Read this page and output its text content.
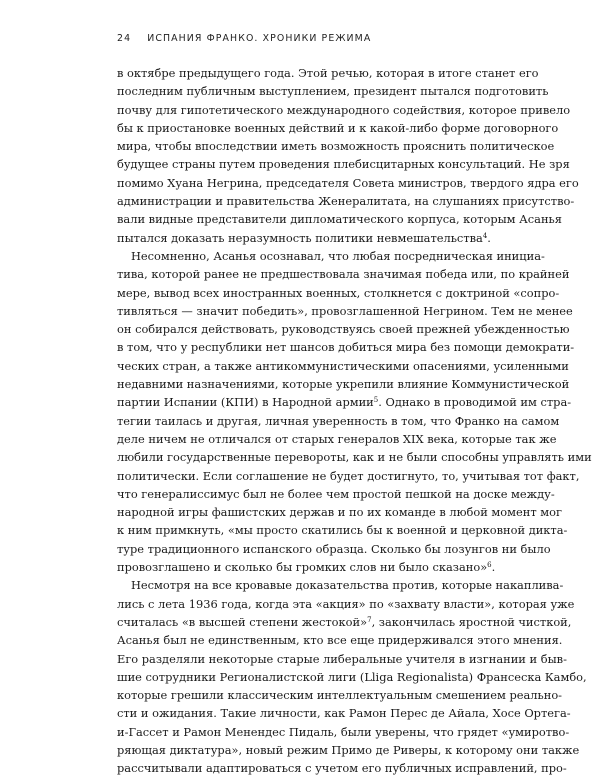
24 ИСПАНИЯ ФРАНКО. ХРОНИКИ РЕЖИМА
в октябре предыдущего года. Этой речью, которая в итоге станет его
последним публичным выступлением, президент пытался подготовить
почву для гипотетического международного содействия, которое привело
бы к приостановке военных действий и к какой-либо форме договорного
мира, чтобы впоследствии иметь возможность прояснить политическое
будущее страны путем проведения плебисцитарных консультаций. Не зря
помимо Хуана Негрина, председателя Совета министров, твердого ядра его
администрации и правительства Женералитата, на слушаниях присутство-
вали видные представители дипломатического корпуса, которым Асанья
пытался доказать неразумность политики невмешательства$^4$.
Несомненно, Асанья осознавал, что любая посредническая инициа-
тива, которой ранее не предшествовала значимая победа или, по крайней
мере, вывод всех иностранных военных, столкнется с доктриной «сопро-
тивляться — значит победить», провозглашенной Негрином. Тем не менее
он собирался действовать, руководствуясь своей прежней убежденностью
в том, что у республики нет шансов добиться мира без помощи демократи-
ческих стран, а также антикоммунистическими опасениями, усиленными
недавними назначениями, которые укрепили влияние Коммунистической
партии Испании (КПИ) в Народной армии$^5$. Однако в проводимой им стра-
тегии таилась и другая, личная уверенность в том, что Франко на самом
деле ничем не отличался от старых генералов XIX века, которые так же
любили государственные перевороты, как и не были способны управлять ими
политически. Если соглашение не будет достигнуто, то, учитывая тот факт,
что генералиссимус был не более чем простой пешкой на доске между-
народной игры фашистских держав и по их команде в любой момент мог
к ним примкнуть, «мы просто скатились бы к военной и церковной дикта-
туре традиционного испанского образца. Сколько бы лозунгов ни было
провозглашено и сколько бы громких слов ни было сказано»$^6$.
Несмотря на все кровавые доказательства против, которые накаплива-
лись с лета 1936 года, когда эта «акция» по «захвату власти», которая уже
считалась «в высшей степени жестокой»$^7$, закончилась яростной чисткой,
Асанья был не единственным, кто все еще придерживался этого мнения.
Его разделяли некоторые старые либеральные учителя в изгнании и быв-
шие сотрудники Регионалистской лиги (Lliga Regionalista) Франсеска Камбо,
которые грешили классическим интеллектуальным смешением реально-
сти и ожидания. Такие личности, как Рамон Перес де Айала, Хосе Ортега-
и-Гассет и Рамон Менендес Пидаль, были уверены, что грядет «умиротво-
ряющая диктатура», новый режим Примо де Риверы, к которому они также
рассчитывали адаптироваться с учетом его публичных исправлений, про-
